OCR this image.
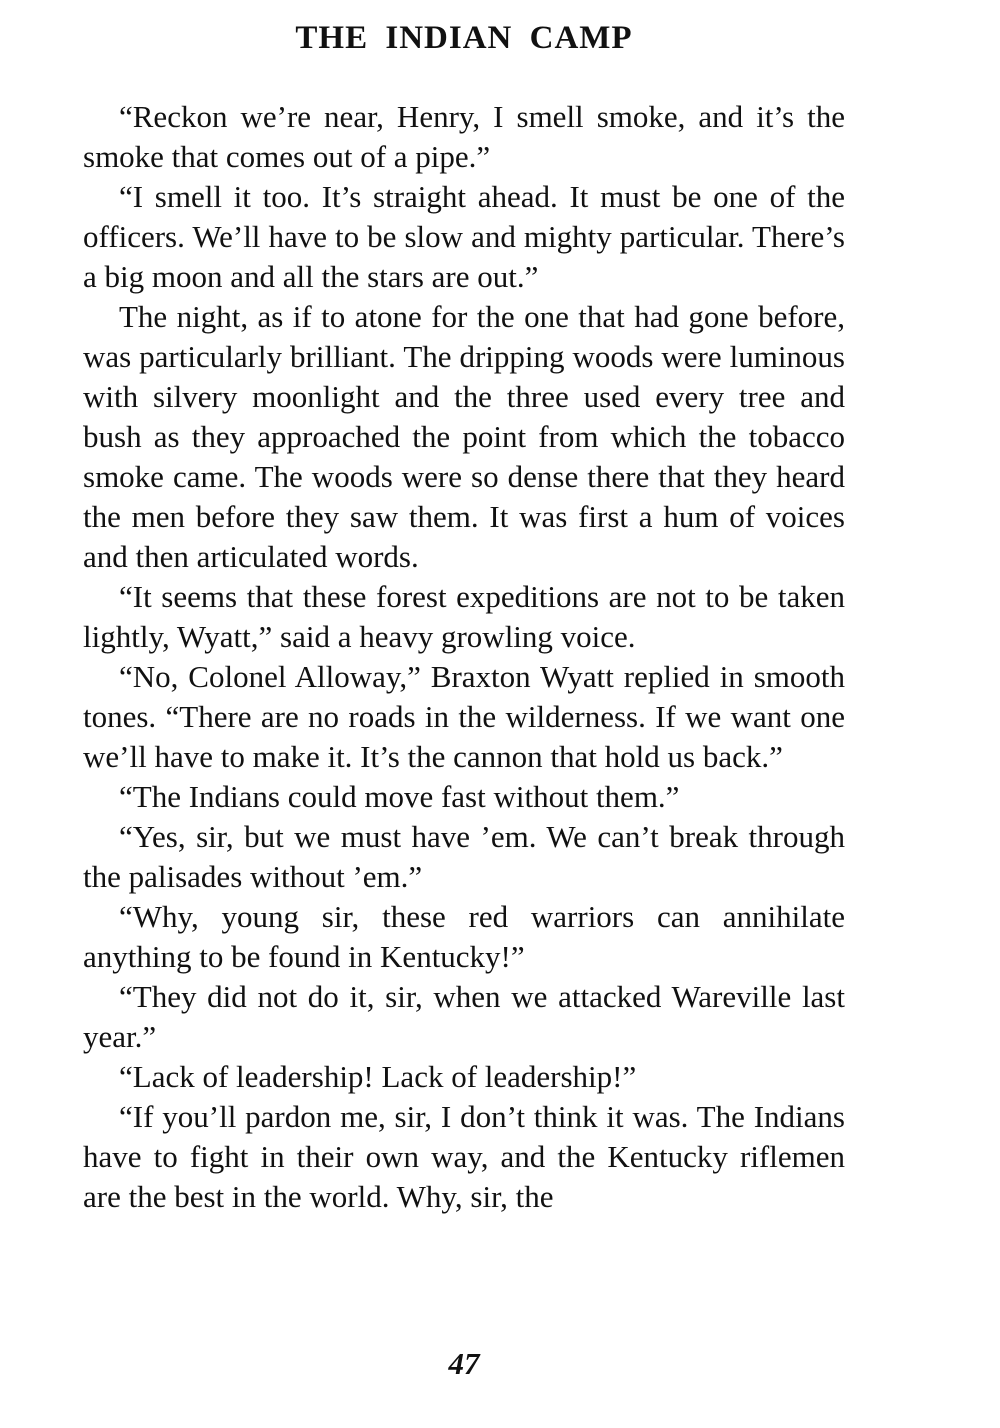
THE INDIAN CAMP

“Reckon we’re near, Henry, I smell smoke, and it’s the smoke that comes out of a pipe.”

“I smell it too. It’s straight ahead. It must be one of the officers. We’ll have to be slow and mighty particular. There’s a big moon and all the stars are out.”

The night, as if to atone for the one that had gone before, was particularly brilliant. The dripping woods were luminous with silvery moonlight and the three used every tree and bush as they approached the point from which the tobacco smoke came. The woods were so dense there that they heard the men before they saw them. It was first a hum of voices and then articulated words.

“It seems that these forest expeditions are not to be taken lightly, Wyatt,” said a heavy growling voice.

“No, Colonel Alloway,” Braxton Wyatt replied in smooth tones. “There are no roads in the wilderness. If we want one we’ll have to make it. It’s the cannon that hold us back.”

“The Indians could move fast without them.”

“Yes, sir, but we must have ’em. We can’t break through the palisades without ’em.”

“Why, young sir, these red warriors can annihilate anything to be found in Kentucky!”

“They did not do it, sir, when we attacked Wareville last year.”

“Lack of leadership! Lack of leadership!”

“If you’ll pardon me, sir, I don’t think it was. The Indians have to fight in their own way, and the Kentucky riflemen are the best in the world. Why, sir, the

47
